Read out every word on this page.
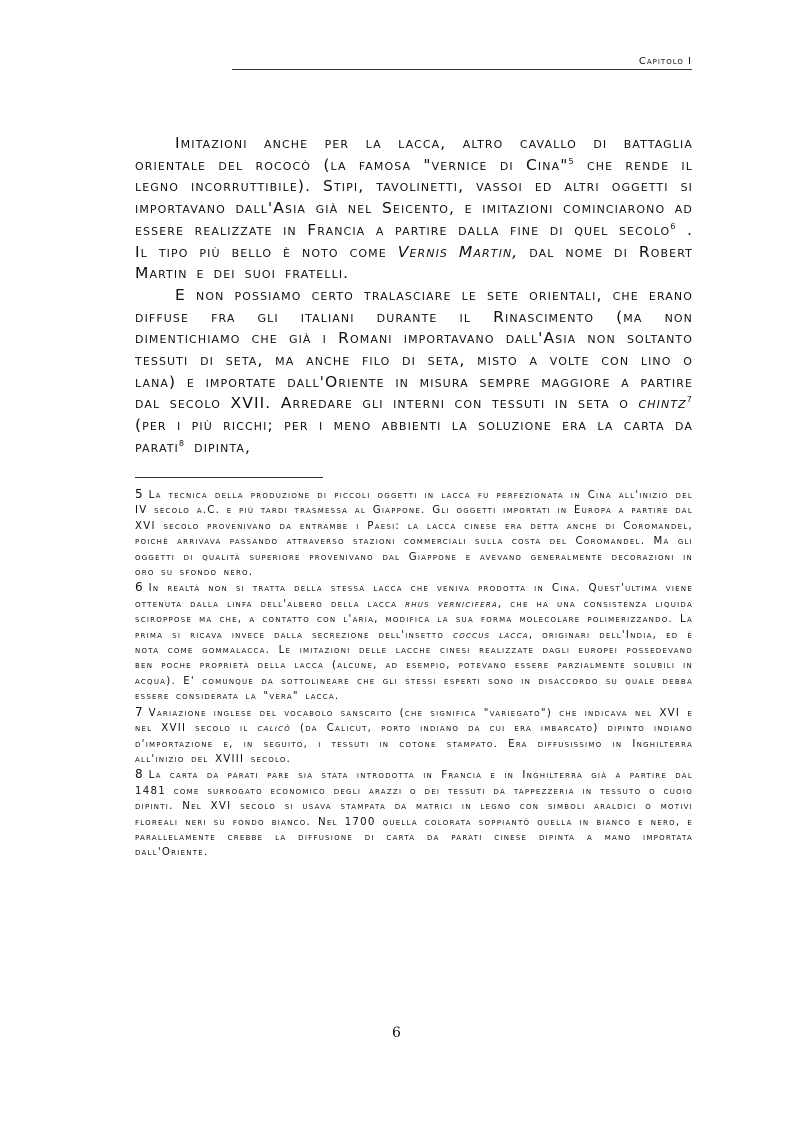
Capitolo I

Imitazioni anche per la lacca, altro cavallo di battaglia orientale del rococò (la famosa "vernice di Cina"$^5$ che rende il legno incorruttibile). Stipi, tavolinetti, vassoi ed altri oggetti si importavano dall'Asia già nel Seicento, e imitazioni cominciarono ad essere realizzate in Francia a partire dalla fine di quel secolo$^6$ . Il tipo più bello è noto come Vernis Martin, dal nome di Robert Martin e dei suoi fratelli.

E non possiamo certo tralasciare le sete orientali, che erano diffuse fra gli italiani durante il Rinascimento (ma non dimentichiamo che già i Romani importavano dall'Asia non soltanto tessuti di seta, ma anche filo di seta, misto a volte con lino o lana) e importate dall'Oriente in misura sempre maggiore a partire dal secolo XVII. Arredare gli interni con tessuti in seta o chintz$^7$ (per i più ricchi; per i meno abbienti la soluzione era la carta da parati$^8$ dipinta,

5 La tecnica della produzione di piccoli oggetti in lacca fu perfezionata in Cina all'inizio del IV secolo a.C. e più tardi trasmessa al Giappone. Gli oggetti importati in Europa a partire dal XVI secolo provenivano da entrambe i Paesi: la lacca cinese era detta anche di Coromandel, poiché arrivava passando attraverso stazioni commerciali sulla costa del Coromandel. Ma gli oggetti di qualità superiore provenivano dal Giappone e avevano generalmente decorazioni in oro su sfondo nero.

6 In realtà non si tratta della stessa lacca che veniva prodotta in Cina. Quest'ultima viene ottenuta dalla linfa dell'albero della lacca rhus vernicifera, che ha una consistenza liquida sciroppose ma che, a contatto con l'aria, modifica la sua forma molecolare polimerizzando. La prima si ricava invece dalla secrezione dell'insetto coccus lacca, originari dell'India, ed è nota come gommalacca. Le imitazioni delle lacche cinesi realizzate dagli europei possedevano ben poche proprietà della lacca (alcune, ad esempio, potevano essere parzialmente solubili in acqua). E' comunque da sottolineare che gli stessi esperti sono in disaccordo su quale debba essere considerata la "vera" lacca.

7 Variazione inglese del vocabolo sanscrito (che significa "variegato") che indicava nel XVI e nel XVII secolo il calicò (da Calicut, porto indiano da cui era imbarcato) dipinto indiano d'importazione e, in seguito, i tessuti in cotone stampato. Era diffusissimo in Inghilterra all'inizio del XVIII secolo.

8 La carta da parati pare sia stata introdotta in Francia e in Inghilterra già a partire dal 1481 come surrogato economico degli arazzi o dei tessuti da tappezzeria in tessuto o cuoio dipinti. Nel XVI secolo si usava stampata da matrici in legno con simboli araldici o motivi floreali neri su fondo bianco. Nel 1700 quella colorata soppiantò quella in bianco e nero, e parallelamente crebbe la diffusione di carta da parati cinese dipinta a mano importata dall'Oriente.

6
